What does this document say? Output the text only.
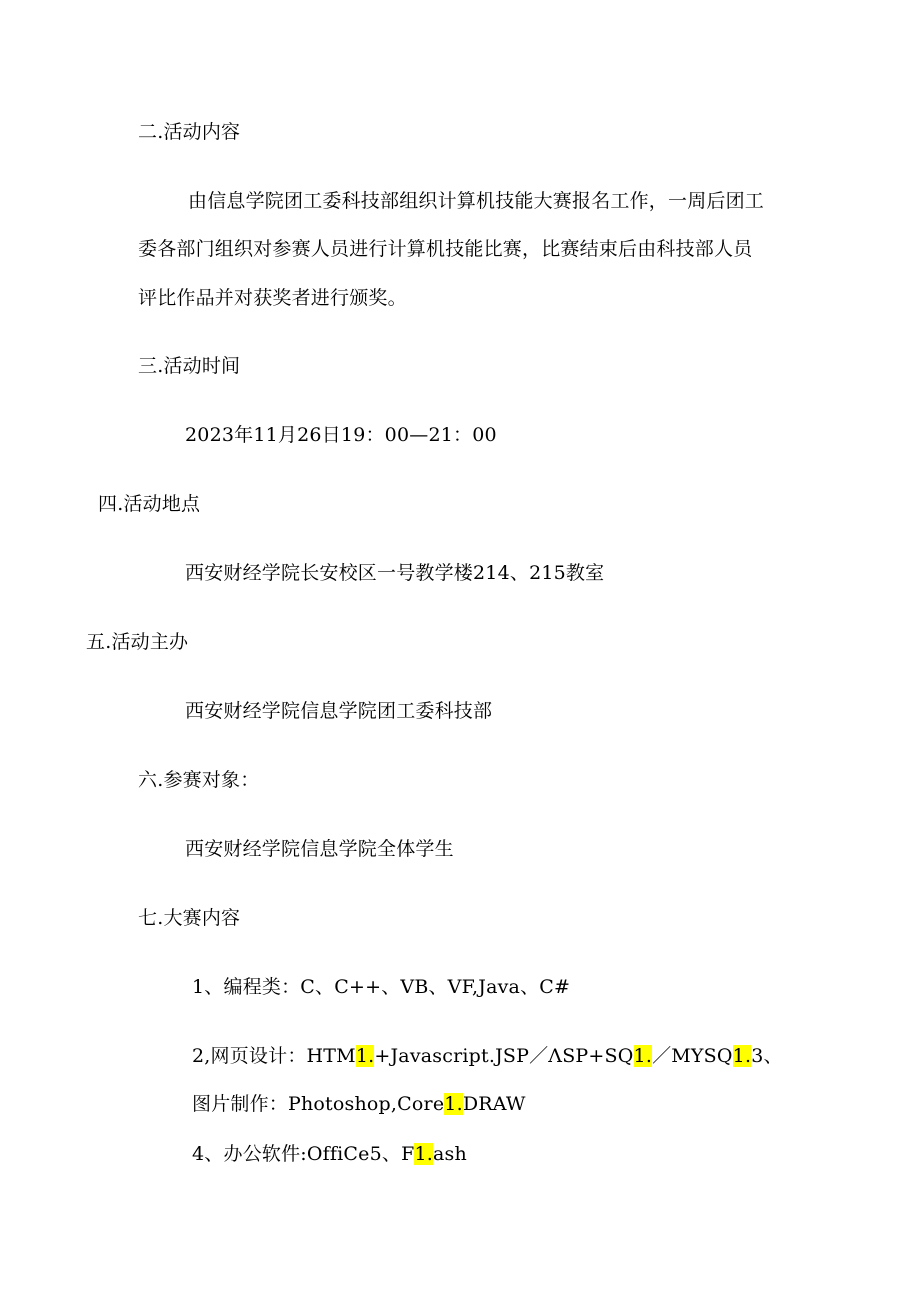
二.活动内容
由信息学院团工委科技部组织计算机技能大赛报名工作，一周后团工
委各部门组织对参赛人员进行计算机技能比赛，比赛结束后由科技部人员
评比作品并对获奖者进行颁奖。
三.活动时间
2023年11月26日19：00—21：00
四.活动地点
西安财经学院长安校区一号教学楼214、215教室
五.活动主办
西安财经学院信息学院团工委科技部
六.参赛对象：
西安财经学院信息学院全体学生
七.大赛内容
1、编程类：C、C++、VB、VF,Java、C#
2,网页设计：HTM1.+Javascript.JSP／ΛSP+SQ1.／MYSQ1.3、
图片制作：Photoshop,Core1.DRAW
4、办公软件:OffiCe5、F1.ash
